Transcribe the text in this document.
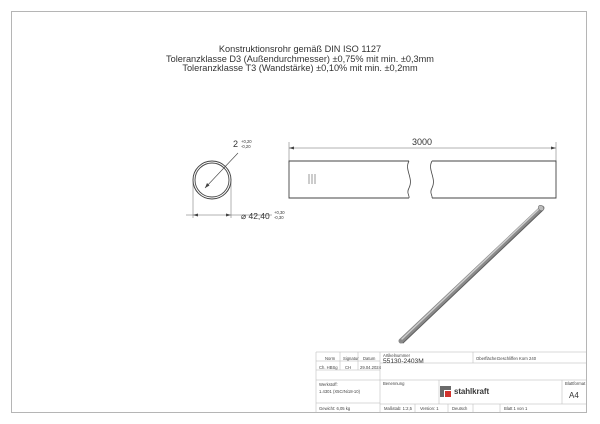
Konstruktionsrohr gemäß DIN ISO 1127
Toleranzklasse D3 (Außendurchmesser) ±0,75% mit min. ±0,3mm
Toleranzklasse T3 (Wandstärke) ±0,10% mit min. ±0,2mm
2 +0,20
-0,20
⌀ 42,40 +0,30
-0,30
3000
Norm Signatur Datum
Ch. HBSg CH 29.04.2024
Artikelnummer
55130-2403M	Oberfläche: Geschliffen Korn 240
Werkstoff:
1.4301 (X5CrNi18-10)
Gewicht: 6,05 kg
Benennung	Blattformat
A4
Maßstab: 1:2,5 Version: 1	Deutsch	Blatt 1 von 1
stahlkraft
